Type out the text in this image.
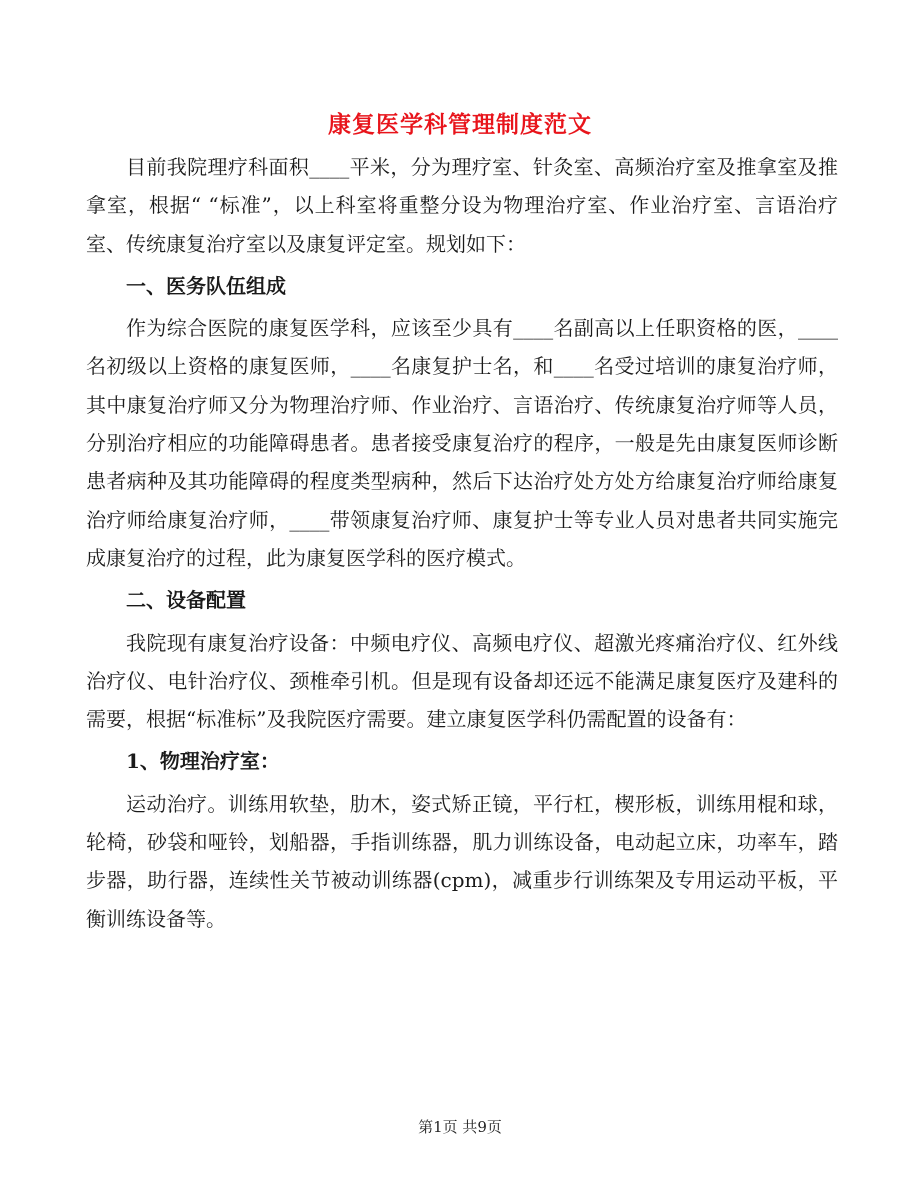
康复医学科管理制度范文

目前我院理疗科面积____平米，分为理疗室、针灸室、高频治疗室及推拿室及推拿室，根据“ “标准”，以上科室将重整分设为物理治疗室、作业治疗室、言语治疗室、传统康复治疗室以及康复评定室。规划如下：

一、医务队伍组成

作为综合医院的康复医学科，应该至少具有____名副高以上任职资格的医，____名初级以上资格的康复医师，____名康复护士名，和____名受过培训的康复治疗师，其中康复治疗师又分为物理治疗师、作业治疗、言语治疗、传统康复治疗师等人员，分别治疗相应的功能障碍患者。患者接受康复治疗的程序，一般是先由康复医师诊断患者病种及其功能障碍的程度类型病种，然后下达治疗处方处方给康复治疗师给康复治疗师给康复治疗师，____带领康复治疗师、康复护士等专业人员对患者共同实施完成康复治疗的过程，此为康复医学科的医疗模式。

二、设备配置

我院现有康复治疗设备：中频电疗仪、高频电疗仪、超激光疼痛治疗仪、红外线治疗仪、电针治疗仪、颈椎牵引机。但是现有设备却还远不能满足康复医疗及建科的需要，根据“标准标”及我院医疗需要。建立康复医学科仍需配置的设备有：

1、物理治疗室：

运动治疗。训练用软垫，肋木，姿式矫正镜，平行杠，楔形板，训练用棍和球，轮椅，砂袋和哑铃，划船器，手指训练器，肌力训练设备，电动起立床，功率车，踏步器，助行器，连续性关节被动训练器(cpm)，减重步行训练架及专用运动平板，平衡训练设备等。

第1页 共9页
